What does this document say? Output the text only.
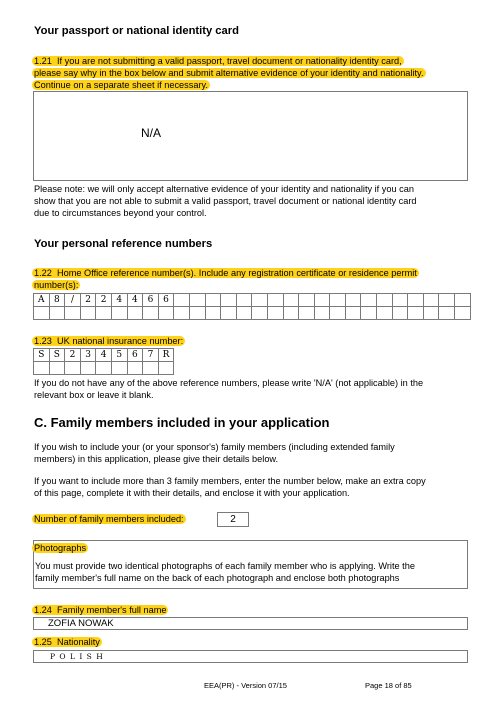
Your passport or national identity card
1.21 If you are not submitting a valid passport, travel document or nationality identity card,
please say why in the box below and submit alternative evidence of your identity and nationality.
Continue on a separate sheet if necessary.
N/A
Please note: we will only accept alternative evidence of your identity and nationality if you can
show that you are not able to submit a valid passport, travel document or national identity card
due to circumstances beyond your control.
Your personal reference numbers
1.22 Home Office reference number(s). Include any registration certificate or residence permit
number(s):
A	8	/	2	2	4	4	6	6
1.23 UK national insurance number:
S	S	2	3	4	5	6	7	R
If you do not have any of the above reference numbers, please write 'N/A' (not applicable) in the
relevant box or leave it blank.
C. Family members included in your application
If you wish to include your (or your sponsor's) family members (including extended family
members) in this application, please give their details below.
If you want to include more than 3 family members, enter the number below, make an extra copy
of this page, complete it with their details, and enclose it with your application.
Number of family members included:	2
Photographs
You must provide two identical photographs of each family member who is applying. Write the
family member's full name on the back of each photograph and enclose both photographs
1.24 Family member's full name
ZOFIA NOWAK
1.25 Nationality
P O L I S H
EEA(PR) - Version 07/15	Page 18 of 85
